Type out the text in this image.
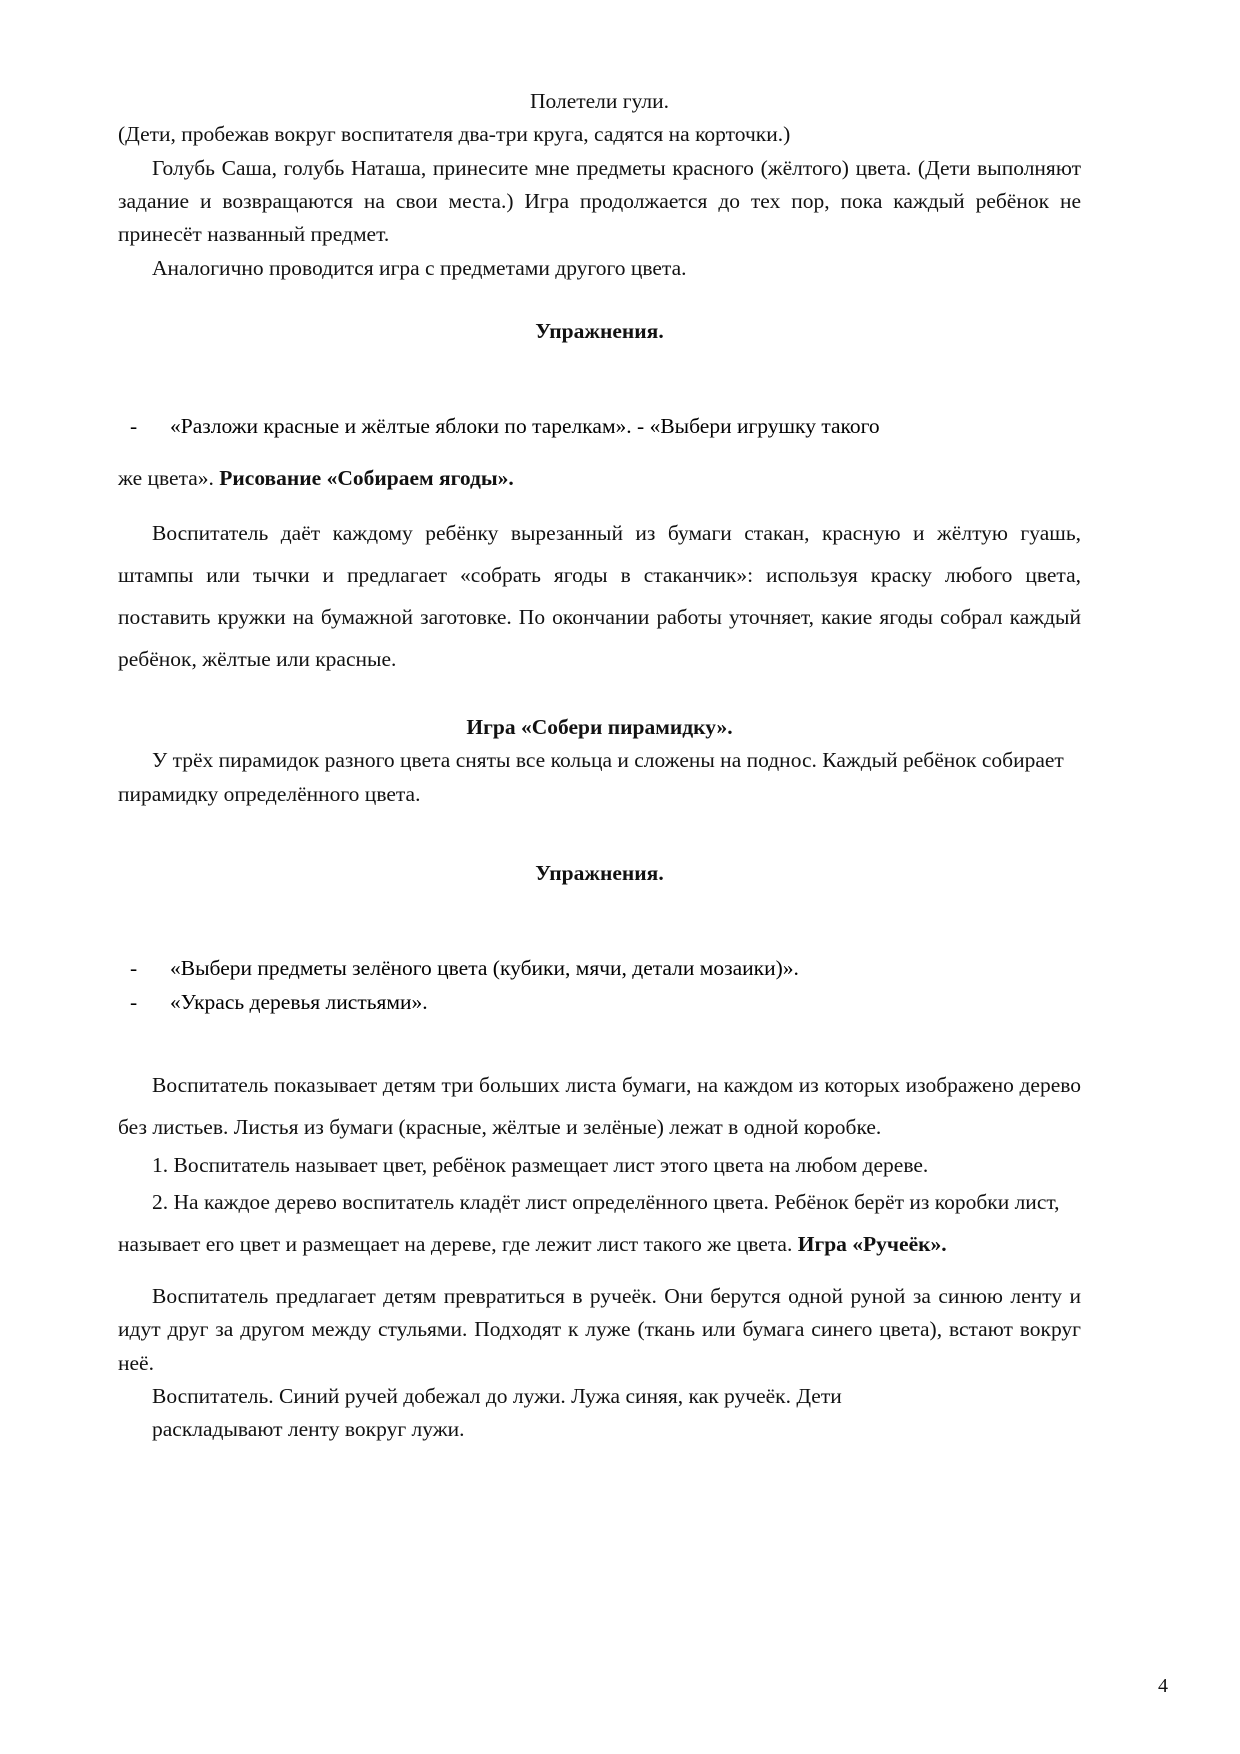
Полетели гули.

(Дети, пробежав вокруг воспитателя два-три круга, садятся на корточки.)

Голубь Саша, голубь Наташа, принесите мне предметы красного (жёлтого) цвета. (Дети выполняют задание и возвращаются на свои места.) Игра продолжается до тех пор, пока каждый ребёнок не принесёт названный предмет.

Аналогично проводится игра с предметами другого цвета.

Упражнения.

-	«Разложи красные и жёлтые яблоки по тарелкам». - «Выбери игрушку такого

же цвета». Рисование «Собираем ягоды».

Воспитатель даёт каждому ребёнку вырезанный из бумаги стакан, красную и жёлтую гуашь, штампы или тычки и предлагает «собрать ягоды в стаканчик»: используя краску любого цвета, поставить кружки на бумажной заготовке. По окончании работы уточняет, какие ягоды собрал каждый ребёнок, жёлтые или красные.

Игра «Собери пирамидку».

У трёх пирамидок разного цвета сняты все кольца и сложены на поднос. Каждый ребёнок собирает пирамидку определённого цвета.

Упражнения.

-	«Выбери предметы зелёного цвета (кубики, мячи, детали мозаики)».
-	«Укрась деревья листьями».

Воспитатель показывает детям три больших листа бумаги, на каждом из которых изображено дерево без листьев. Листья из бумаги (красные, жёлтые и зелёные) лежат в одной коробке.

1. Воспитатель называет цвет, ребёнок размещает лист этого цвета на любом дереве.

2. На каждое дерево воспитатель кладёт лист определённого цвета. Ребёнок берёт из коробки лист, называет его цвет и размещает на дереве, где лежит лист такого же цвета. Игра «Ручеёк».

Воспитатель предлагает детям превратиться в ручеёк. Они берутся одной руной за синюю ленту и идут друг за другом между стульями. Подходят к луже (ткань или бумага синего цвета), встают вокруг неё.

Воспитатель. Синий ручей добежал до лужи. Лужа синяя, как ручеёк. Дети

раскладывают ленту вокруг лужи.

4
